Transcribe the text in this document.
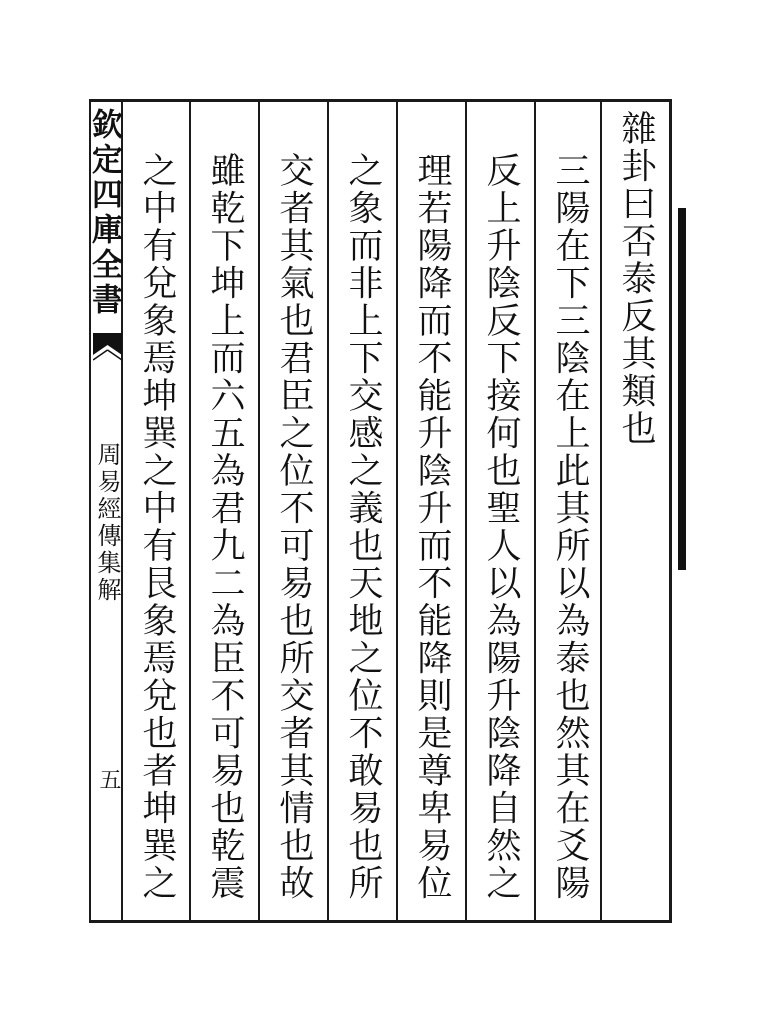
欽定四庫全書
周易經傳集解
五
雜卦曰否泰反其類也
三陽在下三陰在上此其所以為泰也然其在爻陽
反上升陰反下接何也聖人以為陽升陰降自然之
理若陽降而不能升陰升而不能降則是尊卑易位
之象而非上下交感之義也天地之位不敢易也所
交者其氣也君臣之位不可易也所交者其情也故
雖乾下坤上而六五為君九二為臣不可易也乾震
之中有兌象焉坤巽之中有艮象焉兌也者坤巽之
